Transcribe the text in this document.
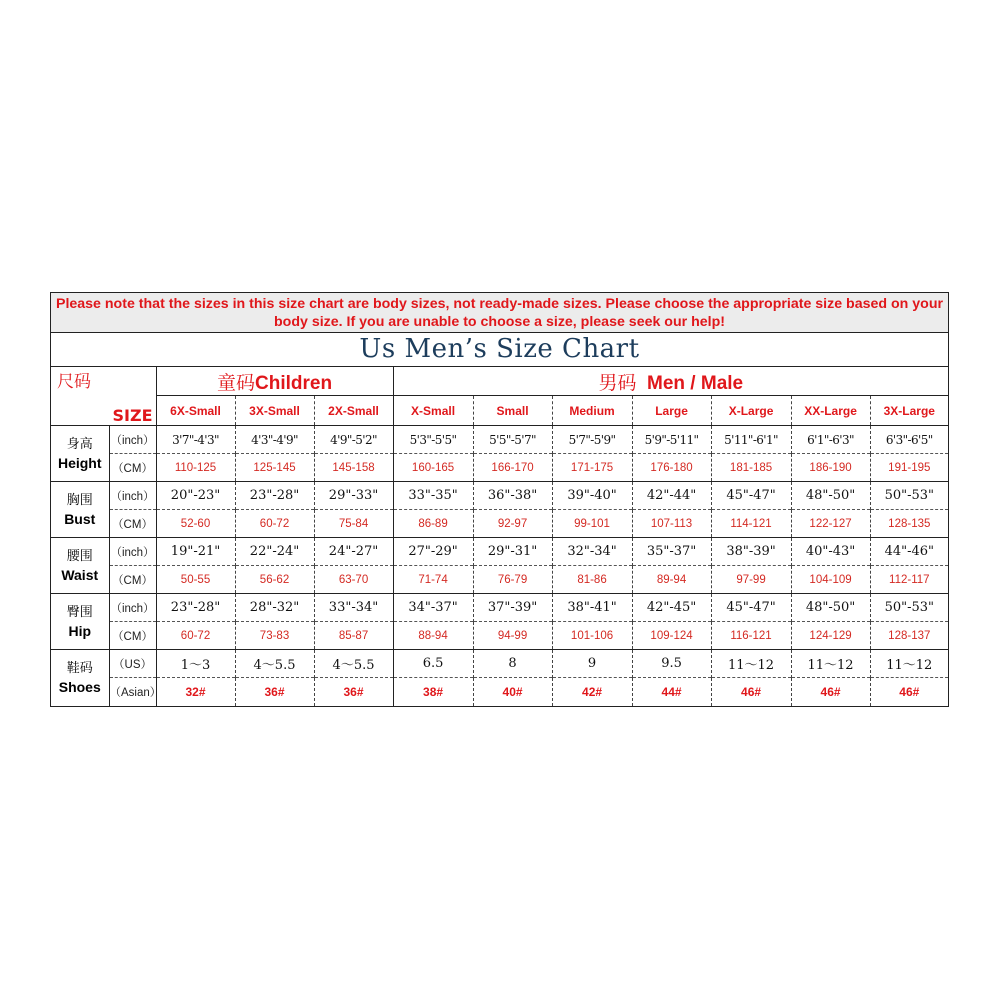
Please note that the sizes in this size chart are body sizes, not ready-made sizes. Please choose the appropriate size based on your body size. If you are unable to choose a size, please seek our help!
Us Men’s Size Chart
尺码
SIZE		童码Children			男码 Men / Male						
		6X-Small	3X-Small	2X-Small	X-Small	Small	Medium	Large	X-Large	XX-Large	3X-Large

身高
Height	（inch）	3'7"-4'3"	4'3"-4'9"	4'9"-5'2"	5'3"-5'5"	5'5"-5'7"	5'7"-5'9"	5'9"-5'11"	5'11"-6'1"	6'1"-6'3"	6'3"-6'5"
	（CM）	110-125	125-145	145-158	160-165	166-170	171-175	176-180	181-185	186-190	191-195

胸围
Bust	（inch）	20"-23"	23"-28"	29"-33"	33"-35"	36"-38"	39"-40"	42"-44"	45"-47"	48"-50"	50"-53"
	（CM）	52-60	60-72	75-84	86-89	92-97	99-101	107-113	114-121	122-127	128-135

腰围
Waist	（inch）	19"-21"	22"-24"	24"-27"	27"-29"	29"-31"	32"-34"	35"-37"	38"-39"	40"-43"	44"-46"
	（CM）	50-55	56-62	63-70	71-74	76-79	81-86	89-94	97-99	104-109	112-117

臀围
Hip	（inch）	23"-28"	28"-32"	33"-34"	34"-37"	37"-39"	38"-41"	42"-45"	45"-47"	48"-50"	50"-53"
	（CM）	60-72	73-83	85-87	88-94	94-99	101-106	109-124	116-121	124-129	128-137

鞋码
Shoes	（US）	1～3	4～5.5	4～5.5	6.5	8	9	9.5	11～12	11～12	11～12
	（Asian）	32#	36#	36#	38#	40#	42#	44#	46#	46#	46#
